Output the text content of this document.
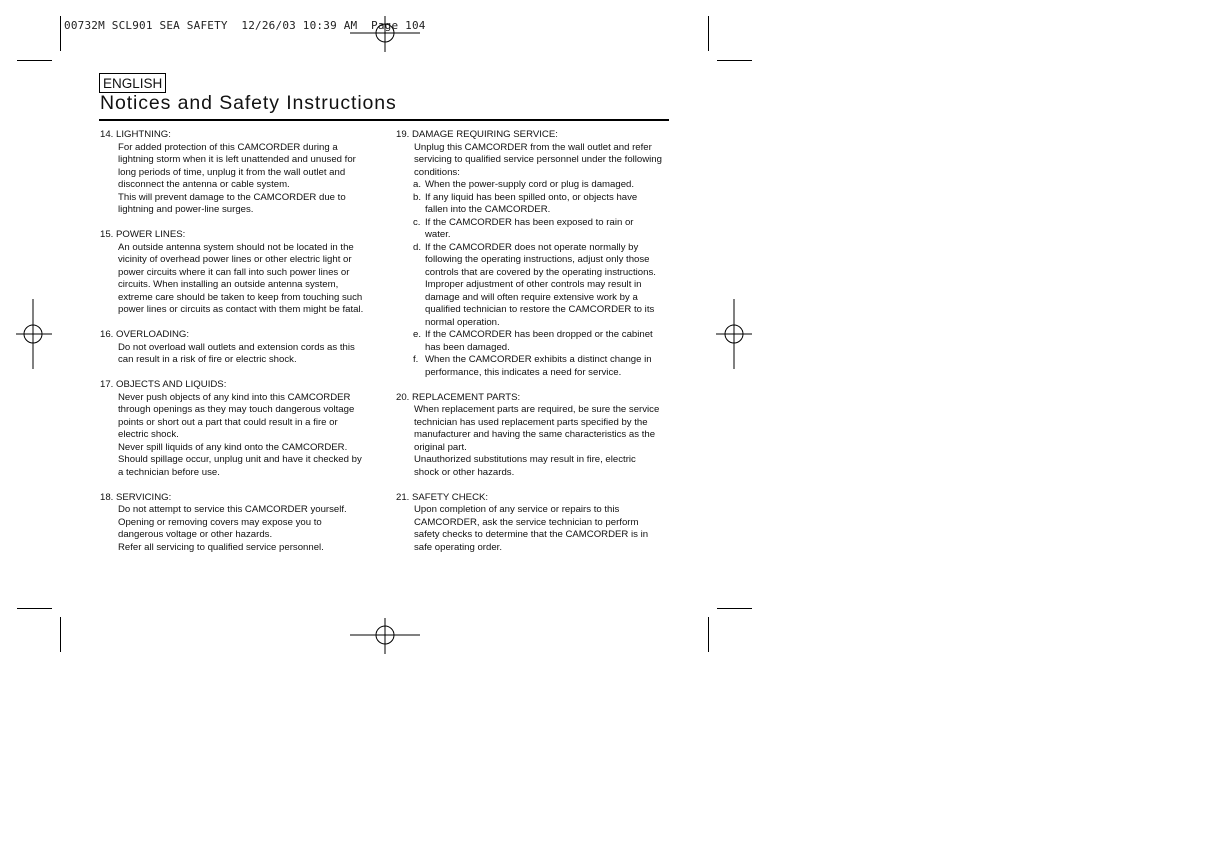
00732M SCL901 SEA SAFETY  12/26/03 10:39 AM  Page 104
ENGLISH
Notices and Safety Instructions
14. LIGHTNING:
For added protection of this CAMCORDER during a
lightning storm when it is left unattended and unused for
long periods of time, unplug it from the wall outlet and
disconnect the antenna or cable system.
This will prevent damage to the CAMCORDER due to
lightning and power-line surges.
15. POWER LINES:
An outside antenna system should not be located in the
vicinity of overhead power lines or other electric light or
power circuits where it can fall into such power lines or
circuits. When installing an outside antenna system,
extreme care should be taken to keep from touching such
power lines or circuits as contact with them might be fatal.
16. OVERLOADING:
Do not overload wall outlets and extension cords as this
can result in a risk of fire or electric shock.
17. OBJECTS AND LIQUIDS:
Never push objects of any kind into this CAMCORDER
through openings as they may touch dangerous voltage
points or short out a part that could result in a fire or
electric shock.
Never spill liquids of any kind onto the CAMCORDER.
Should spillage occur, unplug unit and have it checked by
a technician before use.
18. SERVICING:
Do not attempt to service this CAMCORDER yourself.
Opening or removing covers may expose you to
dangerous voltage or other hazards.
Refer all servicing to qualified service personnel.
19. DAMAGE REQUIRING SERVICE:
Unplug this CAMCORDER from the wall outlet and refer
servicing to qualified service personnel under the following
conditions:
a. When the power-supply cord or plug is damaged.
b. If any liquid has been spilled onto, or objects have
fallen into the CAMCORDER.
c. If the CAMCORDER has been exposed to rain or
water.
d. If the CAMCORDER does not operate normally by
following the operating instructions, adjust only those
controls that are covered by the operating instructions.
Improper adjustment of other controls may result in
damage and will often require extensive work by a
qualified technician to restore the CAMCORDER to its
normal operation.
e. If the CAMCORDER has been dropped or the cabinet
has been damaged.
f. When the CAMCORDER exhibits a distinct change in
performance, this indicates a need for service.
20. REPLACEMENT PARTS:
When replacement parts are required, be sure the service
technician has used replacement parts specified by the
manufacturer and having the same characteristics as the
original part.
Unauthorized substitutions may result in fire, electric
shock or other hazards.
21. SAFETY CHECK:
Upon completion of any service or repairs to this
CAMCORDER, ask the service technician to perform
safety checks to determine that the CAMCORDER is in
safe operating order.
